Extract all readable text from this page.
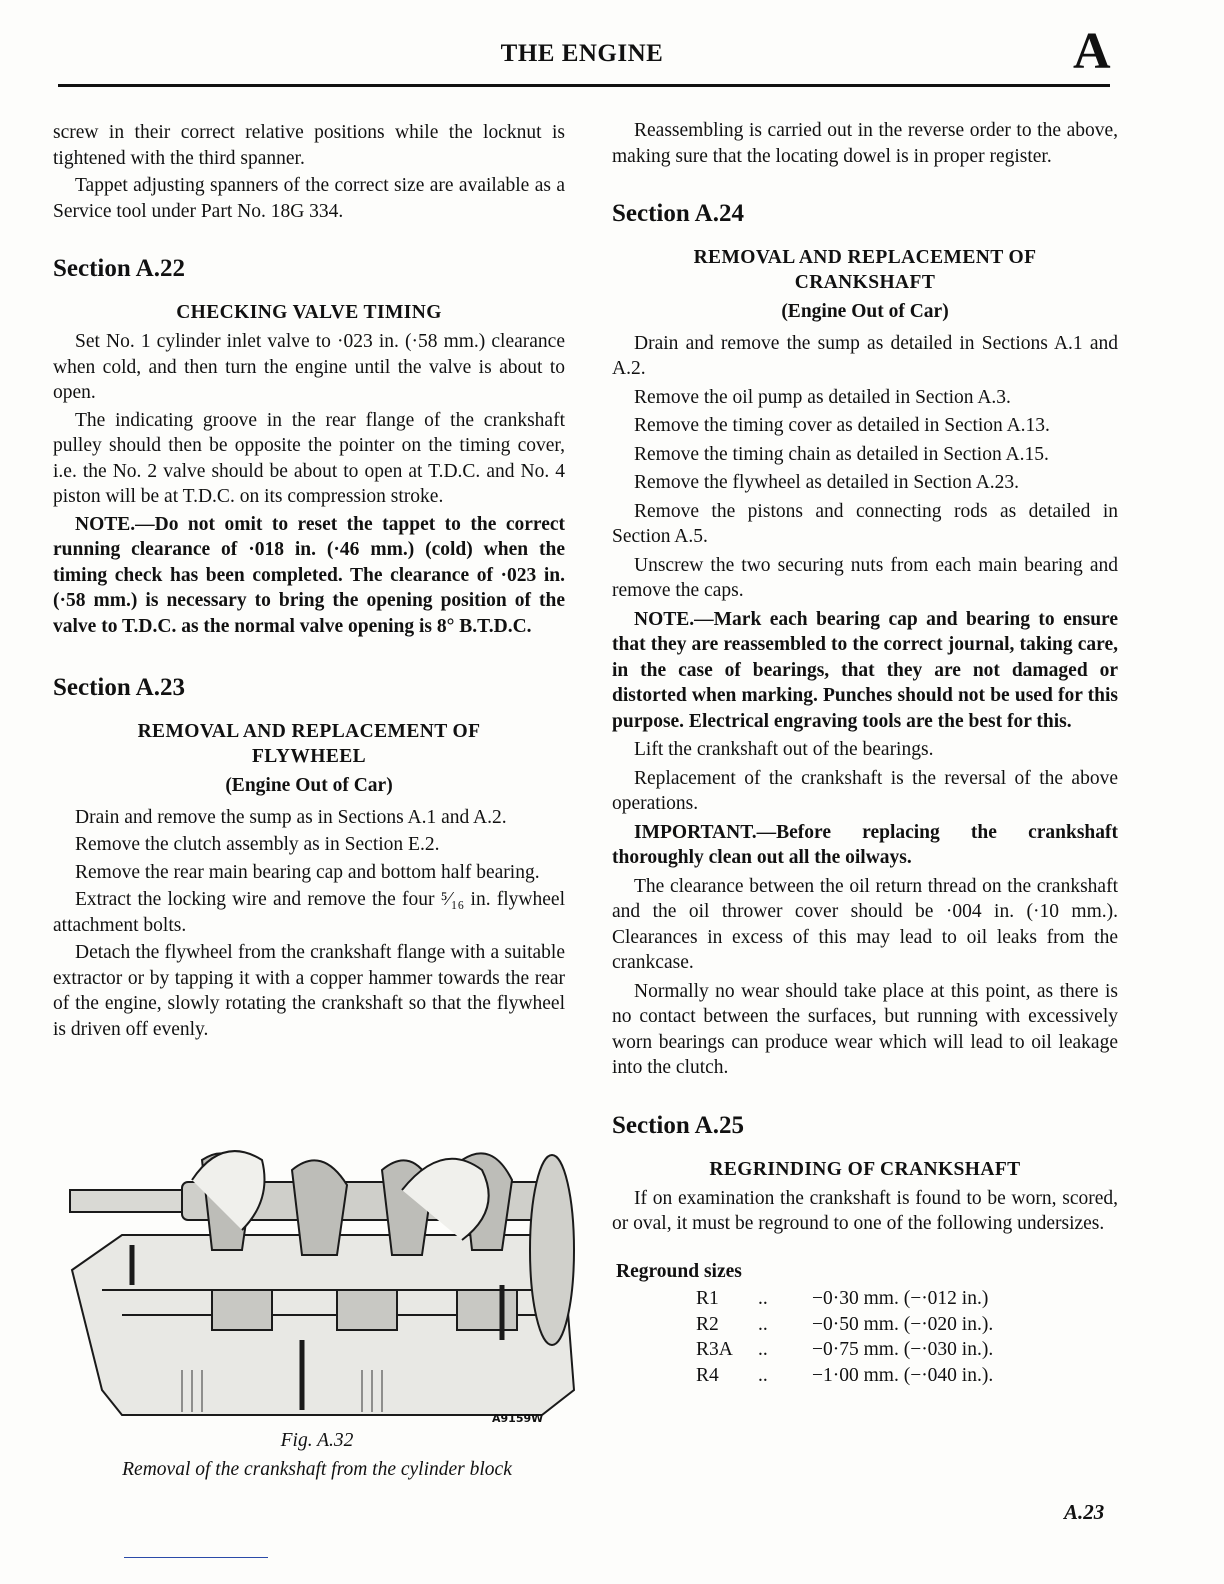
THE ENGINE	A

screw in their correct relative positions while the locknut is tightened with the third spanner.

Tappet adjusting spanners of the correct size are available as a Service tool under Part No. 18G 334.

Section A.22
CHECKING VALVE TIMING

Set No. 1 cylinder inlet valve to ·023 in. (·58 mm.) clearance when cold, and then turn the engine until the valve is about to open.

The indicating groove in the rear flange of the crankshaft pulley should then be opposite the pointer on the timing cover, i.e. the No. 2 valve should be about to open at T.D.C. and No. 4 piston will be at T.D.C. on its compression stroke.

NOTE.—Do not omit to reset the tappet to the correct running clearance of ·018 in. (·46 mm.) (cold) when the timing check has been completed. The clearance of ·023 in. (·58 mm.) is necessary to bring the opening position of the valve to T.D.C. as the normal valve opening is 8° B.T.D.C.

Section A.23
REMOVAL AND REPLACEMENT OF
FLYWHEEL
(Engine Out of Car)

Drain and remove the sump as in Sections A.1 and A.2.

Remove the clutch assembly as in Section E.2.

Remove the rear main bearing cap and bottom half bearing.

Extract the locking wire and remove the four ⁵⁄₁₆ in. flywheel attachment bolts.

Detach the flywheel from the crankshaft flange with a suitable extractor or by tapping it with a copper hammer towards the rear of the engine, slowly rotating the crankshaft so that the flywheel is driven off evenly.

A9159W
Fig. A.32
Removal of the crankshaft from the cylinder block

Reassembling is carried out in the reverse order to the above, making sure that the locating dowel is in proper register.

Section A.24
REMOVAL AND REPLACEMENT OF
CRANKSHAFT
(Engine Out of Car)

Drain and remove the sump as detailed in Sections A.1 and A.2.

Remove the oil pump as detailed in Section A.3.

Remove the timing cover as detailed in Section A.13.

Remove the timing chain as detailed in Section A.15.

Remove the flywheel as detailed in Section A.23.

Remove the pistons and connecting rods as detailed in Section A.5.

Unscrew the two securing nuts from each main bearing and remove the caps.

NOTE.—Mark each bearing cap and bearing to ensure that they are reassembled to the correct journal, taking care, in the case of bearings, that they are not damaged or distorted when marking. Punches should not be used for this purpose. Electrical engraving tools are the best for this.

Lift the crankshaft out of the bearings.

Replacement of the crankshaft is the reversal of the above operations.

IMPORTANT.—Before replacing the crankshaft thoroughly clean out all the oilways.

The clearance between the oil return thread on the crankshaft and the oil thrower cover should be ·004 in. (·10 mm.). Clearances in excess of this may lead to oil leaks from the crankcase.

Normally no wear should take place at this point, as there is no contact between the surfaces, but running with excessively worn bearings can produce wear which will lead to oil leakage into the clutch.

Section A.25
REGRINDING OF CRANKSHAFT

If on examination the crankshaft is found to be worn, scored, or oval, it must be reground to one of the following undersizes.

Reground sizes
R1	..	−0·30 mm. (−·012 in.)
R2	..	−0·50 mm. (−·020 in.).
R3A	..	−0·75 mm. (−·030 in.).
R4	..	−1·00 mm. (−·040 in.).
A.23
